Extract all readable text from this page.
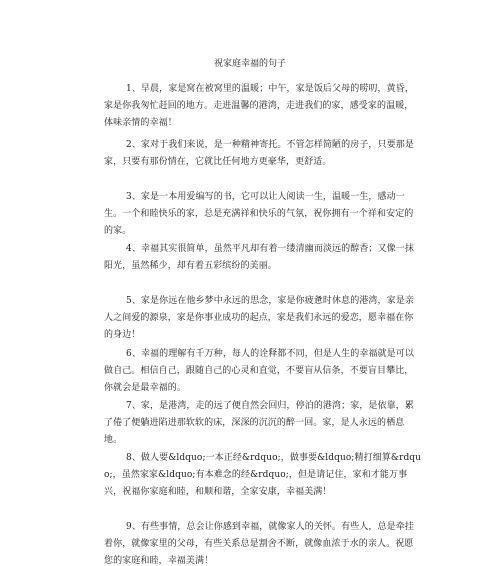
祝家庭幸福的句子

1、早晨，家是窝在被窝里的温暖；中午，家是饭后父母的唠叨，黄昏，家是你我匆忙赶回的地方。走进温馨的港湾，走进我们的家，感受家的温暖，体味亲情的幸福！

2、家对于我们来说，是一种精神寄托。不管怎样简陋的房子，只要那是家，只要有那份情在，它就比任何地方更豪华，更舒适。

3、家是一本用爱编写的书，它可以让人阅读一生，温暖一生，感动一生。一个和睦快乐的家，总是充满祥和快乐的气氛，祝你拥有一个祥和安定的的家。

4、幸福其实很简单，虽然平凡却有着一缕清幽而淡远的醇香；又像一抹阳光，虽然稀少，却有着五彩缤纷的美丽。

5、家是你远在他乡梦中永远的思念，家是你疲惫时休息的港湾，家是亲人之间爱的源泉，家是你事业成功的起点，家是我们永远的爱恋，愿幸福在你的身边！

6、幸福的理解有千万种，每人的诠释都不同，但是人生的幸福就是可以做自己。相信自己，跟随自己的心灵和直觉，不要盲从信条，不要盲目攀比，你就会是最幸福的。

7、家，是港湾，走的远了便自然会回归，停泊的港湾；家，是依靠，累了倦了便躺进陷进那软软的床，深深的沉沉的醉一回。家，是人永远的栖息地。

8、做人要&ldquo;一本正经&rdquo;，做事要&ldquo;精打细算&rdquo;，虽然家家&ldquo;有本难念的经&rdquo;，但是请记住，家和才能万事兴，祝福你家庭和睦，和顺和谐，全家安康，幸福美满！

9、有些事情，总会让你感到幸福，就像家人的关怀。有些人，总是牵挂着你，就像家里的父母，有些关系总是割舍不断，就像血浓于水的亲人。祝愿您的家庭和睦，幸福美满！
